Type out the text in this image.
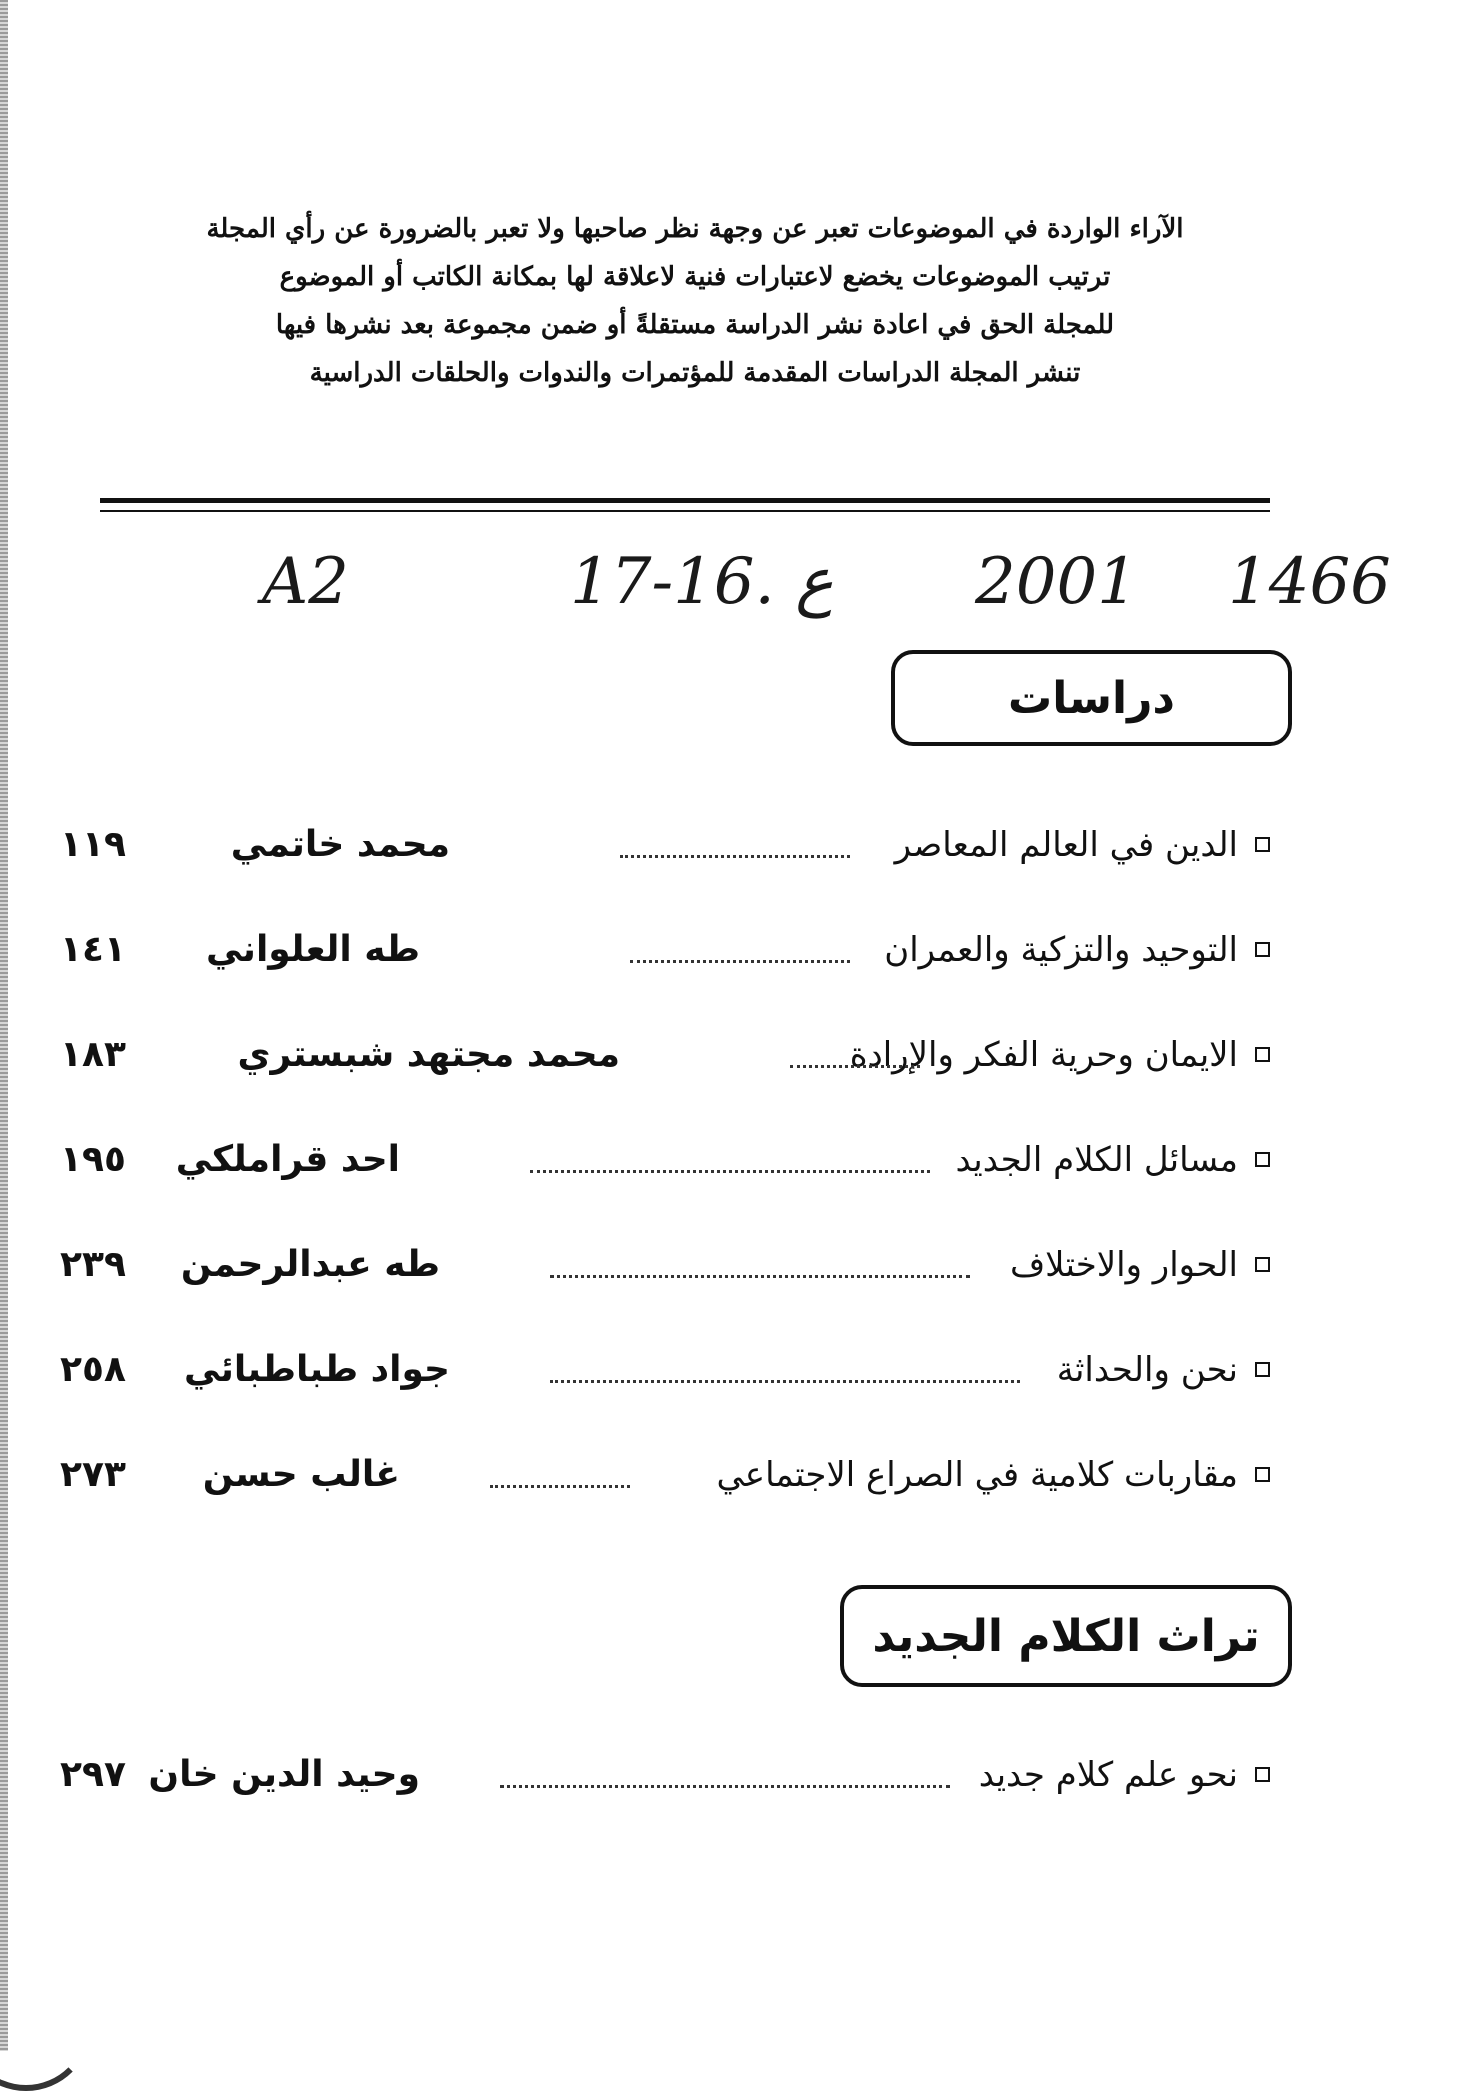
الآراء الواردة في الموضوعات تعبر عن وجهة نظر صاحبها ولا تعبر بالضرورة عن رأي المجلة
ترتيب الموضوعات يخضع لاعتبارات فنية لاعلاقة لها بمكانة الكاتب أو الموضوع
للمجلة الحق في اعادة نشر الدراسة مستقلةً أو ضمن مجموعة بعد نشرها فيها
تنشر المجلة الدراسات المقدمة للمؤتمرات والندوات والحلقات الدراسية
A2	17-16. ع 2001 1466
دراسات
الدين في العالم المعاصر
محمد خاتمي
١١٩
التوحيد والتزكية والعمران
طه العلواني
١٤١
الايمان وحرية الفكر والإرادة
محمد مجتهد شبستري
١٨٣
مسائل الكلام الجديد
احد قراملكي
١٩٥
الحوار والاختلاف
طه عبدالرحمن
٢٣٩
نحن والحداثة
جواد طباطبائي
٢٥٨
مقاربات كلامية في الصراع الاجتماعي
غالب حسن
٢٧٣
تراث الكلام الجديد
نحو علم كلام جديد
وحيد الدين خان
٢٩٧
